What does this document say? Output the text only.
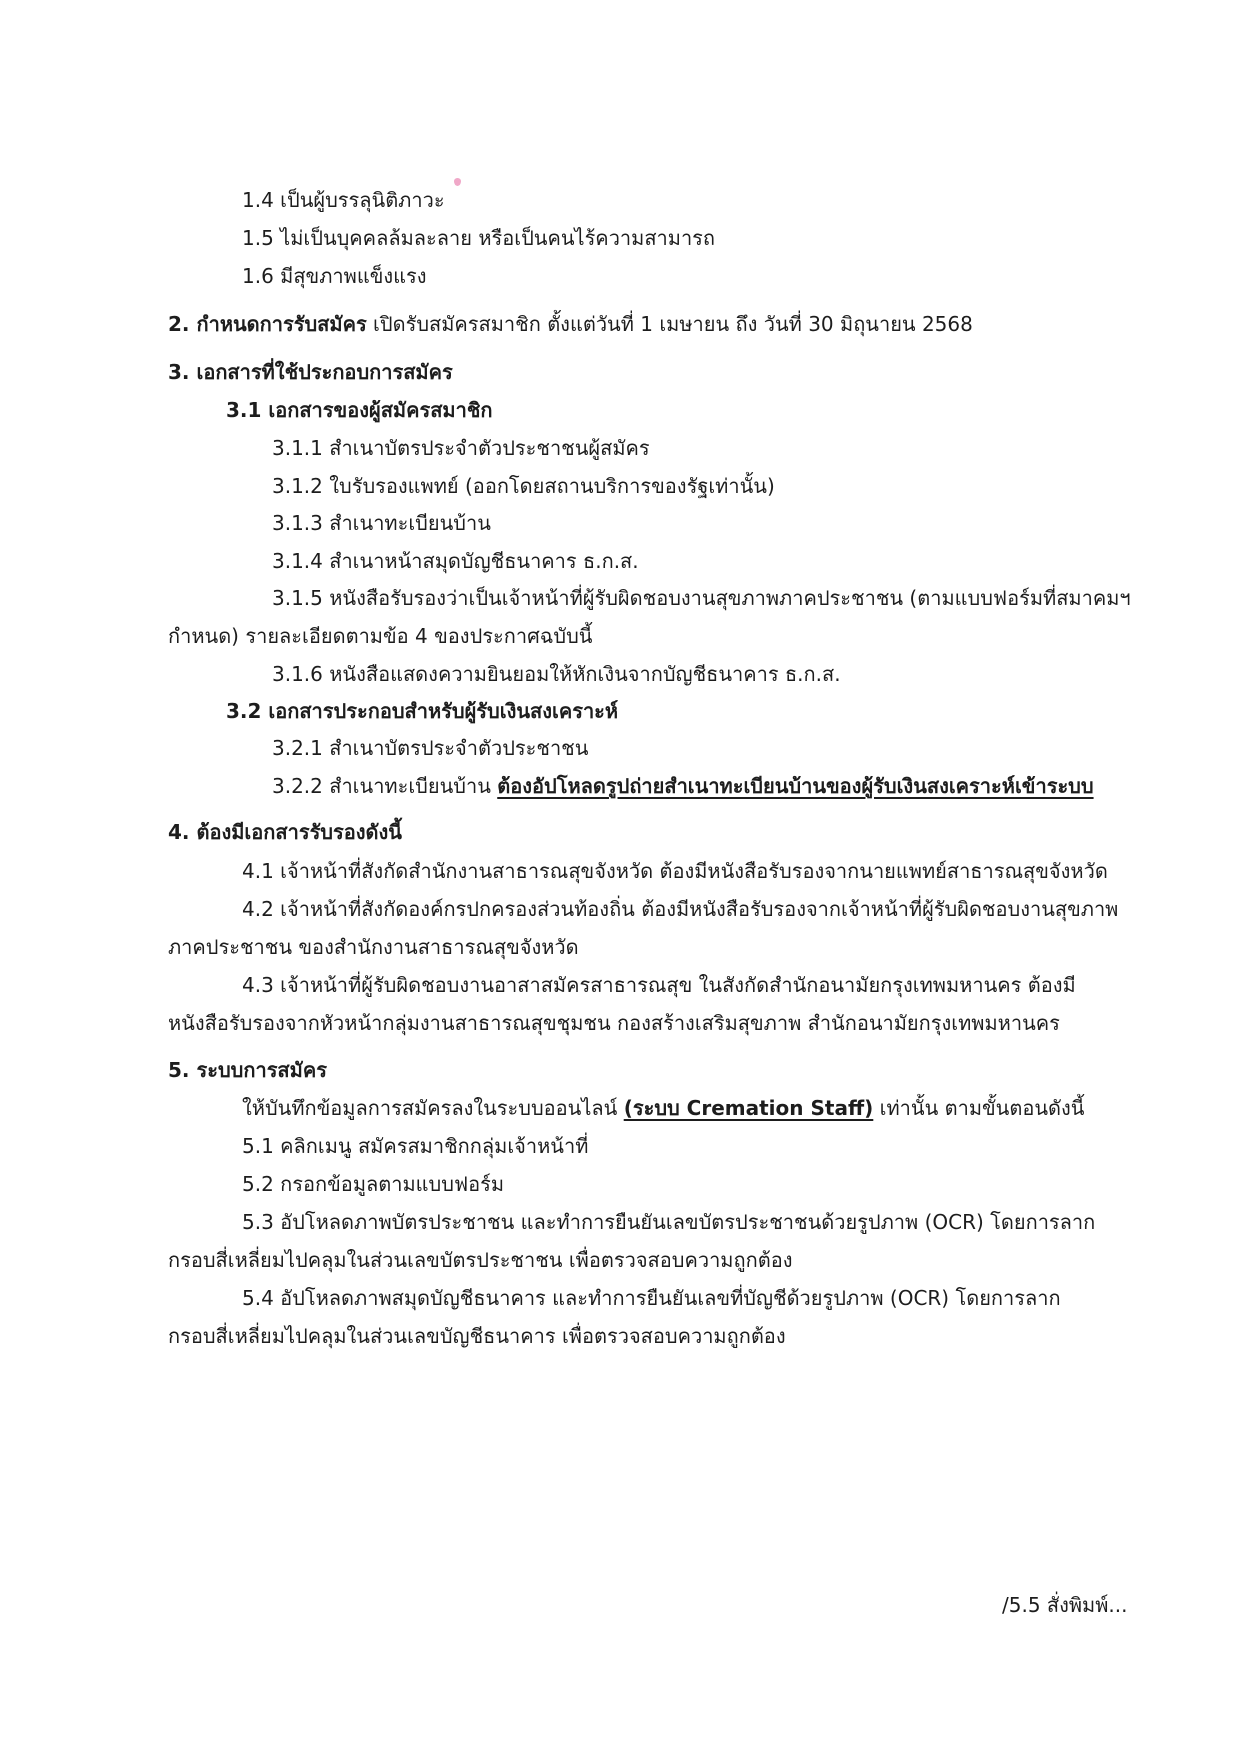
1.4 เป็นผู้บรรลุนิติภาวะ

1.5 ไม่เป็นบุคคลล้มละลาย หรือเป็นคนไร้ความสามารถ

1.6 มีสุขภาพแข็งแรง

2. กำหนดการรับสมัคร เปิดรับสมัครสมาชิก ตั้งแต่วันที่ 1 เมษายน ถึง วันที่ 30 มิถุนายน 2568

3. เอกสารที่ใช้ประกอบการสมัคร

3.1 เอกสารของผู้สมัครสมาชิก

3.1.1 สำเนาบัตรประจำตัวประชาชนผู้สมัคร

3.1.2 ใบรับรองแพทย์ (ออกโดยสถานบริการของรัฐเท่านั้น)

3.1.3 สำเนาทะเบียนบ้าน

3.1.4 สำเนาหน้าสมุดบัญชีธนาคาร ธ.ก.ส.

3.1.5 หนังสือรับรองว่าเป็นเจ้าหน้าที่ผู้รับผิดชอบงานสุขภาพภาคประชาชน (ตามแบบฟอร์มที่สมาคมฯ

กำหนด) รายละเอียดตามข้อ 4 ของประกาศฉบับนี้

3.1.6 หนังสือแสดงความยินยอมให้หักเงินจากบัญชีธนาคาร ธ.ก.ส.

3.2 เอกสารประกอบสำหรับผู้รับเงินสงเคราะห์

3.2.1 สำเนาบัตรประจำตัวประชาชน

3.2.2 สำเนาทะเบียนบ้าน ต้องอัปโหลดรูปถ่ายสำเนาทะเบียนบ้านของผู้รับเงินสงเคราะห์เข้าระบบ

4. ต้องมีเอกสารรับรองดังนี้

4.1 เจ้าหน้าที่สังกัดสำนักงานสาธารณสุขจังหวัด ต้องมีหนังสือรับรองจากนายแพทย์สาธารณสุขจังหวัด

4.2 เจ้าหน้าที่สังกัดองค์กรปกครองส่วนท้องถิ่น ต้องมีหนังสือรับรองจากเจ้าหน้าที่ผู้รับผิดชอบงานสุขภาพ

ภาคประชาชน ของสำนักงานสาธารณสุขจังหวัด

4.3 เจ้าหน้าที่ผู้รับผิดชอบงานอาสาสมัครสาธารณสุข ในสังกัดสำนักอนามัยกรุงเทพมหานคร ต้องมี

หนังสือรับรองจากหัวหน้ากลุ่มงานสาธารณสุขชุมชน กองสร้างเสริมสุขภาพ สำนักอนามัยกรุงเทพมหานคร

5. ระบบการสมัคร

ให้บันทึกข้อมูลการสมัครลงในระบบออนไลน์ (ระบบ Cremation Staff) เท่านั้น ตามขั้นตอนดังนี้

5.1 คลิกเมนู สมัครสมาชิกกลุ่มเจ้าหน้าที่

5.2 กรอกข้อมูลตามแบบฟอร์ม

5.3 อัปโหลดภาพบัตรประชาชน และทำการยืนยันเลขบัตรประชาชนด้วยรูปภาพ (OCR) โดยการลาก

กรอบสี่เหลี่ยมไปคลุมในส่วนเลขบัตรประชาชน เพื่อตรวจสอบความถูกต้อง

5.4 อัปโหลดภาพสมุดบัญชีธนาคาร และทำการยืนยันเลขที่บัญชีด้วยรูปภาพ (OCR) โดยการลาก

กรอบสี่เหลี่ยมไปคลุมในส่วนเลขบัญชีธนาคาร เพื่อตรวจสอบความถูกต้อง

/5.5 สั่งพิมพ์...
